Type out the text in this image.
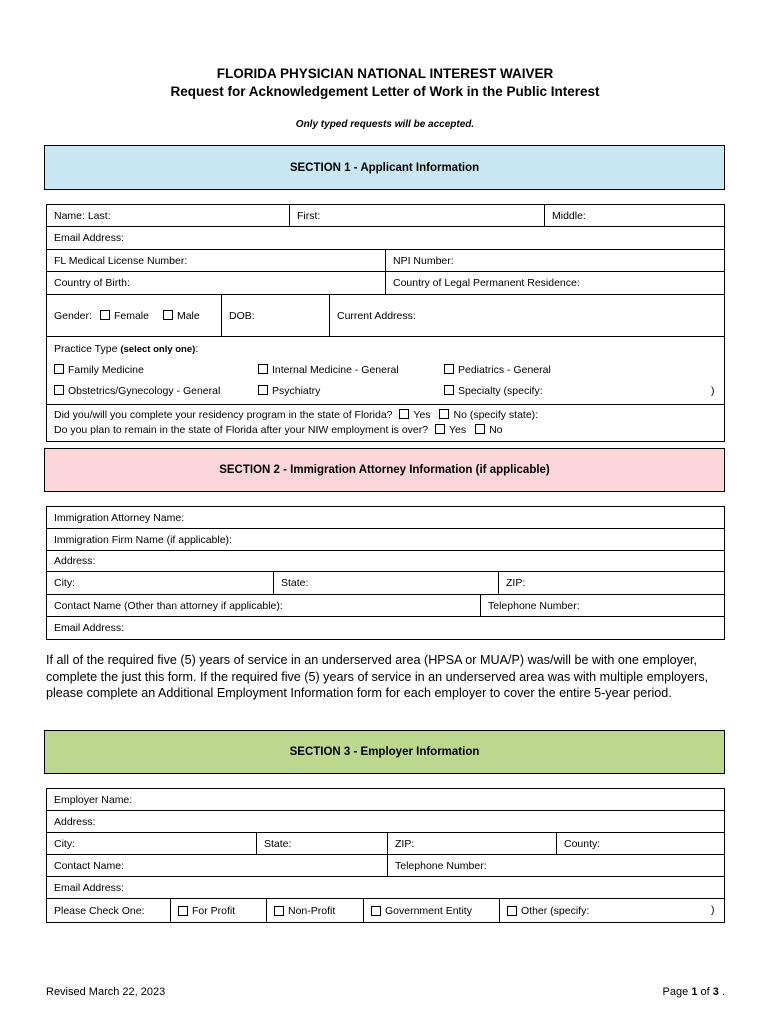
FLORIDA PHYSICIAN NATIONAL INTEREST WAIVER
Request for Acknowledgement Letter of Work in the Public Interest
Only typed requests will be accepted.
SECTION 1 - Applicant Information
Name: Last:	First:	Middle:
Email Address:
FL Medical License Number:	NPI Number:
Country of Birth:	Country of Legal Permanent Residence:
Gender:	Female	Male	DOB:	Current Address:
Practice Type (select only one):
Family Medicine	Internal Medicine - General	Pediatrics - General
Obstetrics/Gynecology - General	Psychiatry	Specialty (specify:	)
Did you/will you complete your residency program in the state of Florida? Yes No (specify state):
Do you plan to remain in the state of Florida after your NIW employment is over? Yes No
SECTION 2 - Immigration Attorney Information (if applicable)
Immigration Attorney Name:
Immigration Firm Name (if applicable):
Address:
City:	State:	ZIP:
Contact Name (Other than attorney if applicable):	Telephone Number:
Email Address:
If all of the required five (5) years of service in an underserved area (HPSA or MUA/P) was/will be with one employer, complete the just this form. If the required five (5) years of service in an underserved area was with multiple employers, please complete an Additional Employment Information form for each employer to cover the entire 5-year period.
SECTION 3 - Employer Information
Employer Name:
Address:
City:	State:	ZIP:	County:
Contact Name:	Telephone Number:
Email Address:
Please Check One:	For Profit	Non-Profit	Government Entity	Other (specify:	)
Revised March 22, 2023	Page 1 of 3 .
